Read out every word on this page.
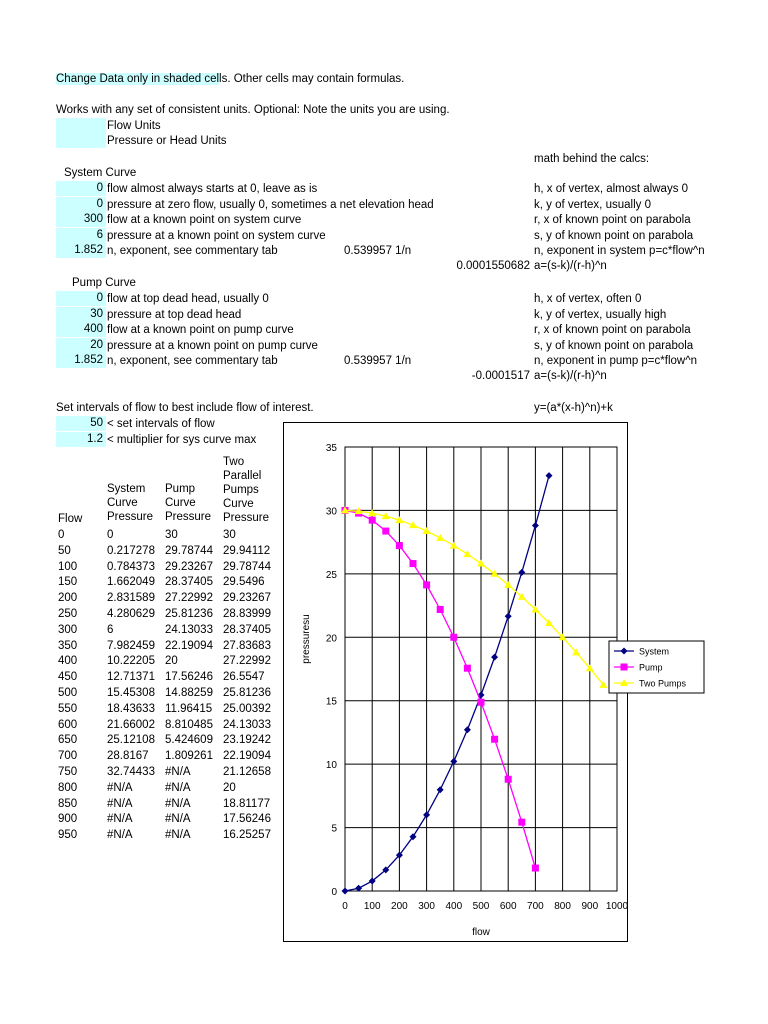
Change Data only in shaded cells. Other cells may contain formulas.
Works with any set of consistent units. Optional: Note the units you are using.
Flow Units
Pressure or Head Units
math behind the calcs:
System Curve
0 flow almost always starts at 0, leave as is	h, x of vertex, almost always 0
0 pressure at zero flow, usually 0, sometimes a net elevation head	k, y of vertex, usually 0
300 flow at a known point on system curve	r, x of known point on parabola
6 pressure at a known point on system curve	s, y of known point on parabola
1.852 n, exponent, see commentary tab	n, exponent in system p=c*flow^n
0.539957 1/n
0.0001550682 a=(s-k)/(r-h)^n
Pump Curve
0 flow at top dead head, usually 0	h, x of vertex, often 0
30 pressure at top dead head	k, y of vertex, usually high
400 flow at a known point on pump curve	r, x of known point on parabola
20 pressure at a known point on pump curve	s, y of known point on parabola
1.852 n, exponent, see commentary tab	n, exponent in pump p=c*flow^n
0.539957 1/n
-0.0001517 a=(s-k)/(r-h)^n
Set intervals of flow to best include flow of interest.	y=(a*(x-h)^n)+k
50 < set intervals of flow
1.2 < multiplier for sys curve max
Flow
System Curve Pressure
Pump Curve Pressure
Two Parallel Pumps Curve Pressure
0	0	30	30
50	0.217278 29.78744 29.94112
100	0.784373 29.23267 29.78744
150	1.662049 28.37405 29.5496
200	2.831589 27.22992 29.23267
250	4.280629 25.81236 28.83999
300	6	24.13033 28.37405
350	7.982459 22.19094 27.83683
400	10.22205 20	27.22992
450	12.71371 17.56246 26.5547
500	15.45308 14.88259 25.81236
550	18.43633 11.96415 25.00392
600	21.66002 8.810485 24.13033
650	25.12108 5.424609 23.19242
700	28.8167 1.809261 22.19094
750	32.74433 #N/A	21.12658
800	#N/A	#N/A	20
850	#N/A	#N/A	18.81177
900	#N/A	#N/A	17.56246
950	#N/A	#N/A	16.25257
0 100 200 300 400 500 600 700 800 900 1000
0
5
10
15
20
25
30
35
flow
pressuresu	System
Pump
Two Pumps
